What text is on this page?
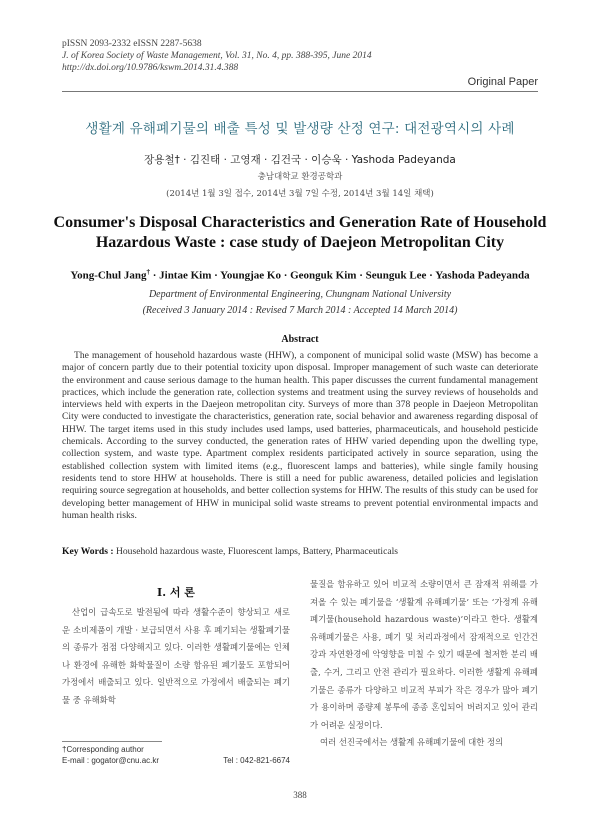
pISSN 2093-2332 eISSN 2287-5638
J. of Korea Society of Waste Management, Vol. 31, No. 4, pp. 388-395, June 2014
http://dx.doi.org/10.9786/kswm.2014.31.4.388
Original Paper
생활계 유해폐기물의 배출 특성 및 발생량 산정 연구: 대전광역시의 사례
장용철† · 김진태 · 고영재 · 김건국 · 이승욱 · Yashoda Padeyanda
충남대학교 환경공학과
(2014년 1월 3일 접수, 2014년 3월 7일 수정, 2014년 3월 14일 채택)
Consumer's Disposal Characteristics and Generation Rate of Household Hazardous Waste : case study of Daejeon Metropolitan City
Yong-Chul Jang† · Jintae Kim · Youngjae Ko · Geonguk Kim · Seunguk Lee · Yashoda Padeyanda
Department of Environmental Engineering, Chungnam National University
(Received 3 January 2014 : Revised 7 March 2014 : Accepted 14 March 2014)
Abstract
The management of household hazardous waste (HHW), a component of municipal solid waste (MSW) has become a major of concern partly due to their potential toxicity upon disposal. Improper management of such waste can deteriorate the environment and cause serious damage to the human health. This paper discusses the current fundamental management practices, which include the generation rate, collection systems and treatment using the survey reviews of households and interviews held with experts in the Daejeon metropolitan city. Surveys of more than 378 people in Daejeon Metropolitan City were conducted to investigate the characteristics, generation rate, social behavior and awareness regarding disposal of HHW. The target items used in this study includes used lamps, used batteries, pharmaceuticals, and household pesticide chemicals. According to the survey conducted, the generation rates of HHW varied depending upon the dwelling type, collection system, and waste type. Apartment complex residents participated actively in source separation, using the established collection system with limited items (e.g., fluorescent lamps and batteries), while single family housing residents tend to store HHW at households. There is still a need for public awareness, detailed policies and legislation requiring source segregation at households, and better collection systems for HHW. The results of this study can be used for developing better management of HHW in municipal solid waste streams to prevent potential environmental impacts and human health risks.
Key Words : Household hazardous waste, Fluorescent lamps, Battery, Pharmaceuticals
I. 서 론

산업이 급속도로 발전됨에 따라 생활수준이 향상되고 새로운 소비제품이 개발 · 보급되면서 사용 후 폐기되는 생활폐기물의 종류가 점점 다양해지고 있다. 이러한 생활폐기물에는 인체나 환경에 유해한 화학물질이 소량 함유된 폐기물도 포함되어 가정에서 배출되고 있다. 일반적으로 가정에서 배출되는 폐기물 중 유해화학

물질을 함유하고 있어 비교적 소량이면서 큰 잠재적 위해를 가져올 수 있는 폐기물을 ‘생활계 유해폐기물’ 또는 ‘가정계 유해폐기물(household hazardous waste)’이라고 한다. 생활계 유해폐기물은 사용, 폐기 및 처리과정에서 잠재적으로 인간건강과 자연환경에 악영향을 미칠 수 있기 때문에 철저한 분리 배출, 수거, 그리고 안전 관리가 필요하다. 이러한 생활계 유해폐기물은 종류가 다양하고 비교적 부피가 작은 경우가 많아 폐기가 용이하며 종량제 봉투에 종종 혼입되어 버려지고 있어 관리가 어려운 실정이다.

여러 선진국에서는 생활계 유해폐기물에 대한 정의

†Corresponding author
E-mail : gogator@cnu.ac.kr	Tel : 042-821-6674
388
